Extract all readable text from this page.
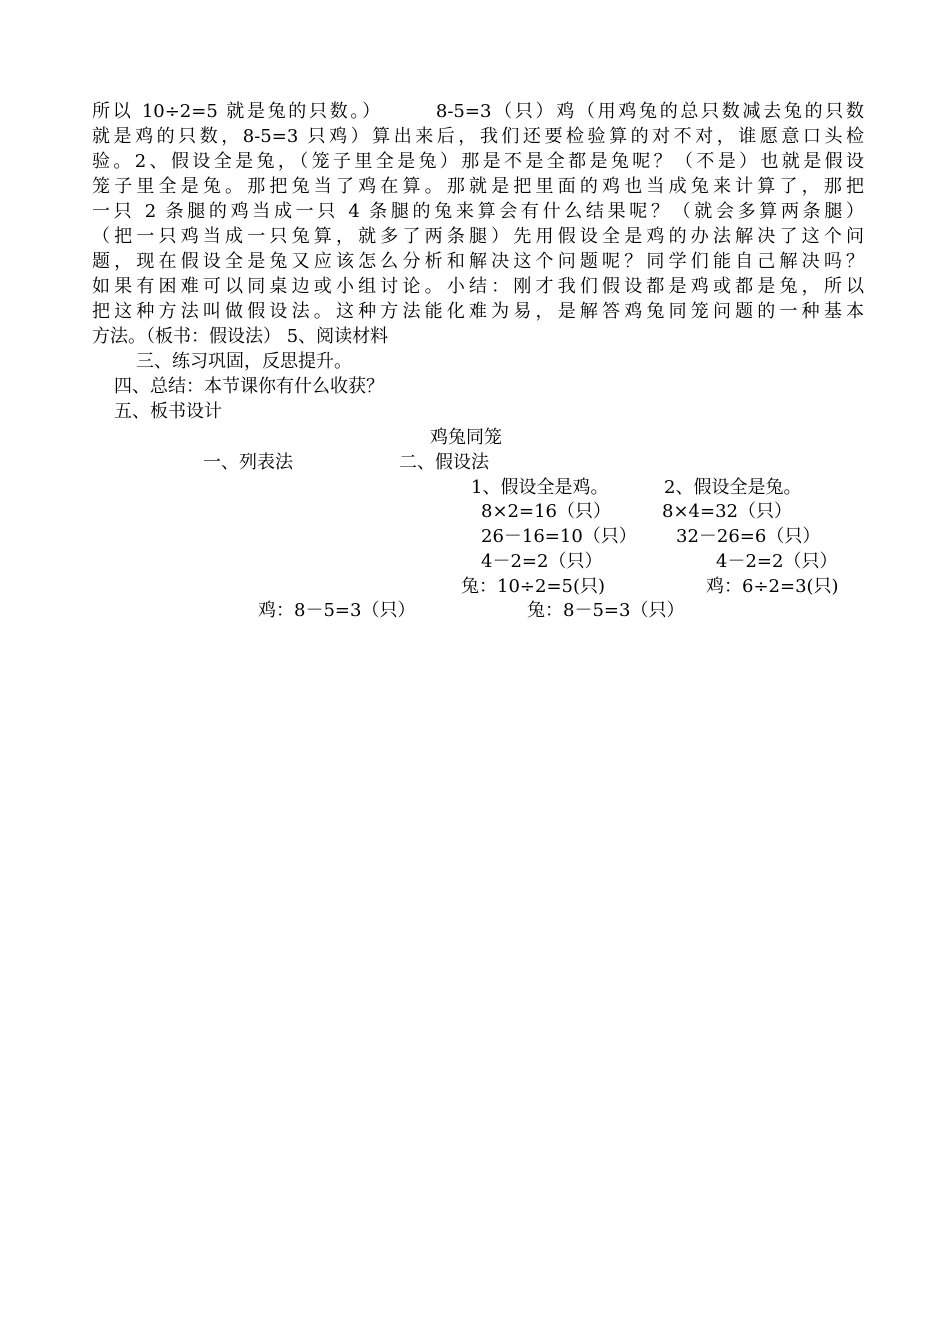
所以 10÷2=5 就是兔的只数。）　　　8-5=3（只）鸡（用鸡兔的总只数减去兔的只数
就是鸡的只数，8-5=3 只鸡）算出来后，我们还要检验算的对不对，谁愿意口头检
验。2、假设全是兔，（笼子里全是兔）那是不是全都是兔呢？（不是）也就是假设
笼子里全是兔。那把兔当了鸡在算。那就是把里面的鸡也当成兔来计算了，那把
一只 2 条腿的鸡当成一只 4 条腿的兔来算会有什么结果呢？（就会多算两条腿）
（把一只鸡当成一只兔算，就多了两条腿）先用假设全是鸡的办法解决了这个问
题，现在假设全是兔又应该怎么分析和解决这个问题呢？同学们能自己解决吗？
如果有困难可以同桌边或小组讨论。小结：刚才我们假设都是鸡或都是兔，所以
把这种方法叫做假设法。这种方法能化难为易，是解答鸡兔同笼问题的一种基本
方法。（板书：假设法） 5、阅读材料
三、练习巩固，反思提升。
四、总结：本节课你有什么收获？
五、板书设计
鸡兔同笼
一、列表法	二、假设法
1、假设全是鸡。
8×2=16（只）
26－16=10（只）
4－2=2（只）
兔：10÷2=5(只)
鸡：8－5=3（只）
2、假设全是兔。
8×4=32（只）
32－26=6（只）
4－2=2（只）
鸡：6÷2=3(只)
兔：8－5=3（只）
